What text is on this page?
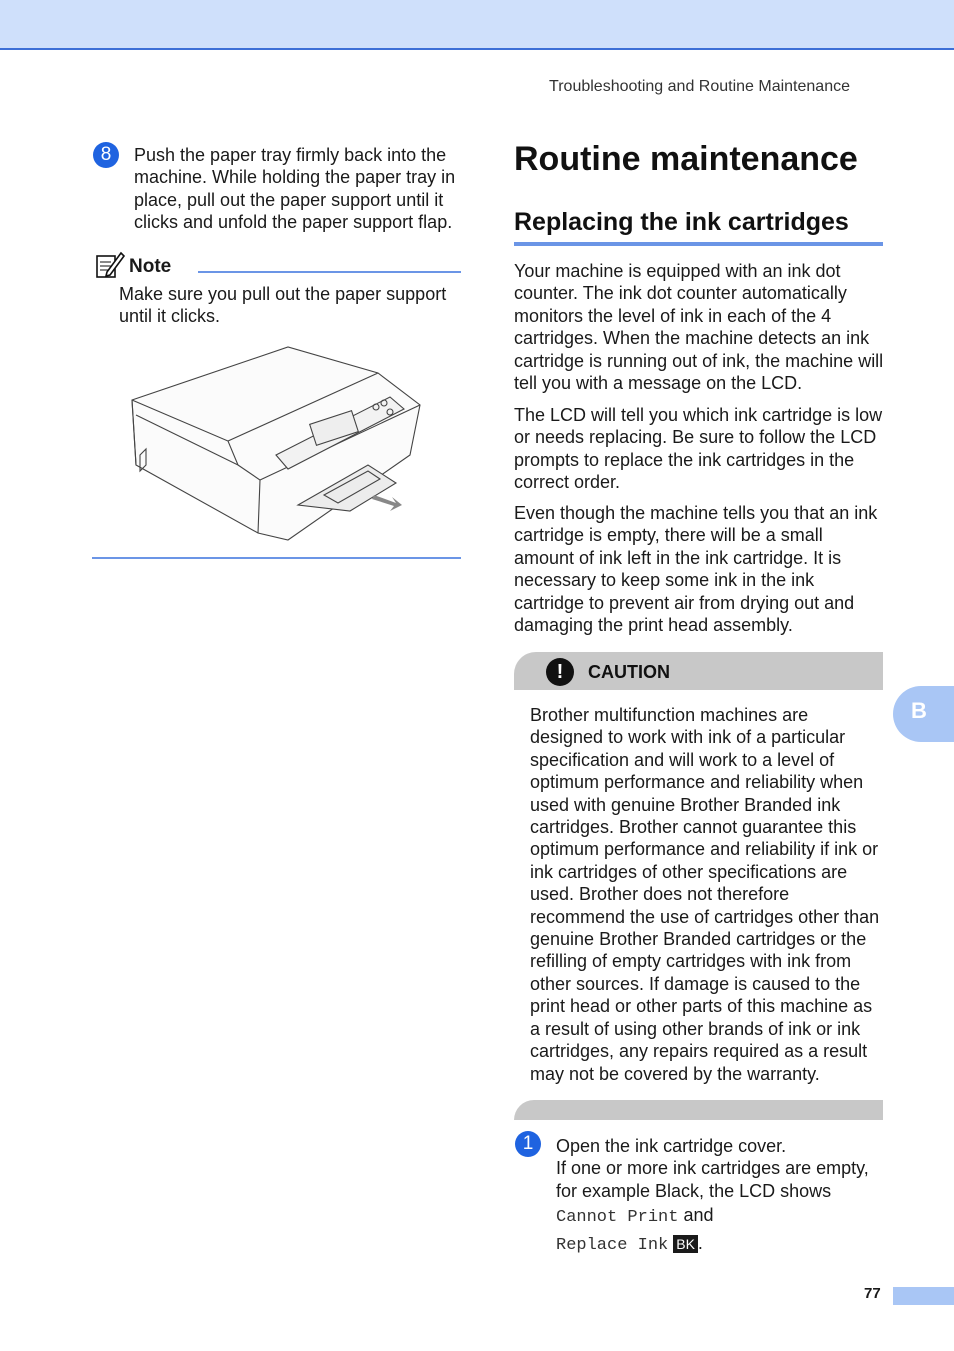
Troubleshooting and Routine Maintenance
8	Push the paper tray firmly back into the machine. While holding the paper tray in place, pull out the paper support until it clicks and unfold the paper support flap.

Note

Make sure you pull out the paper support until it clicks.

Routine maintenance
Replacing the ink cartridges

Your machine is equipped with an ink dot counter. The ink dot counter automatically monitors the level of ink in each of the 4 cartridges. When the machine detects an ink cartridge is running out of ink, the machine will tell you with a message on the LCD.

The LCD will tell you which ink cartridge is low or needs replacing. Be sure to follow the LCD prompts to replace the ink cartridges in the correct order.

Even though the machine tells you that an ink cartridge is empty, there will be a small amount of ink left in the ink cartridge. It is necessary to keep some ink in the ink cartridge to prevent air from drying out and damaging the print head assembly.

!	CAUTION

Brother multifunction machines are designed to work with ink of a particular specification and will work to a level of optimum performance and reliability when used with genuine Brother Branded ink cartridges. Brother cannot guarantee this optimum performance and reliability if ink or ink cartridges of other specifications are used. Brother does not therefore recommend the use of cartridges other than genuine Brother Branded cartridges or the refilling of empty cartridges with ink from other sources. If damage is caused to the print head or other parts of this machine as a result of using other brands of ink or ink cartridges, any repairs required as a result may not be covered by the warranty.

1	Open the ink cartridge cover.
If one or more ink cartridges are empty, for example Black, the LCD shows
Cannot Print and
Replace Ink BK .
B
77
